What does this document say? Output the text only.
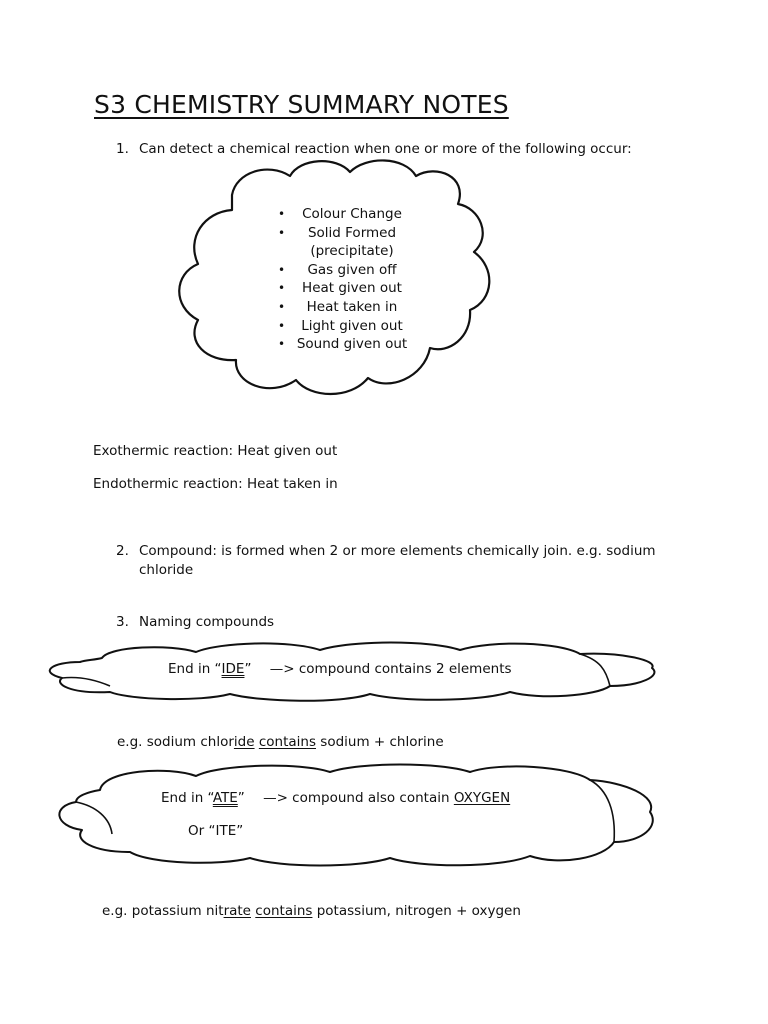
S3 CHEMISTRY SUMMARY NOTES
1. Can detect a chemical reaction when one or more of the following occur:
• Colour Change
• Solid Formed
(precipitate)
• Gas given off
• Heat given out
• Heat taken in
• Light given out
• Sound given out
Exothermic reaction: Heat given out
Endothermic reaction: Heat taken in
2. Compound: is formed when 2 or more elements chemically join. e.g. sodium
chloride
3. Naming compounds
End in “IDE” —> compound contains 2 elements
e.g. sodium chloride contains sodium + chlorine
End in “ATE” —> compound also contain OXYGEN
Or “ITE”
e.g. potassium nitrate contains potassium, nitrogen + oxygen
